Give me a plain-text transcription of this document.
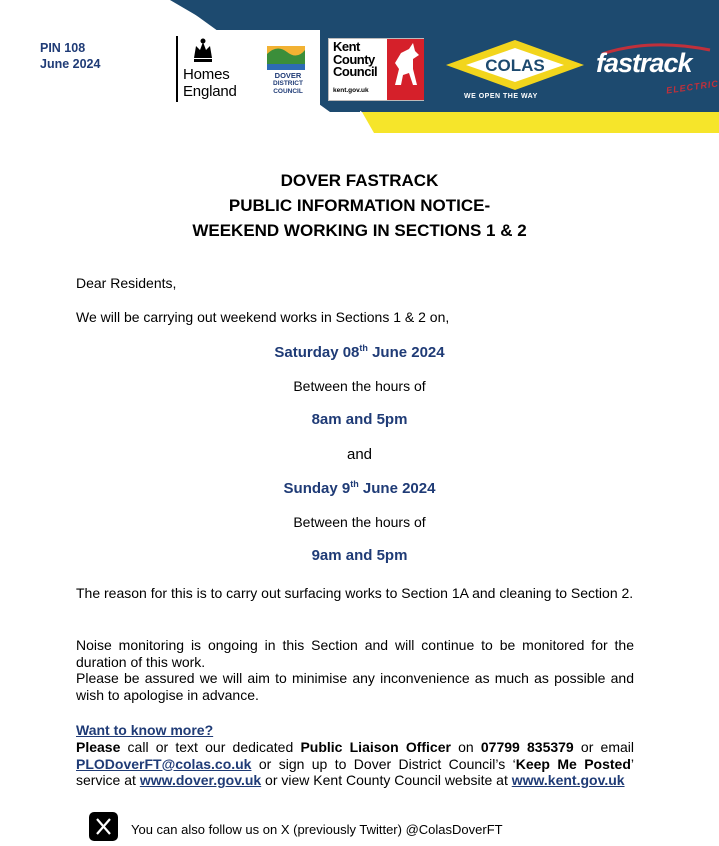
PIN 108
June 2024
Homes
England
DOVER
DISTRICT
COUNCIL
Kent
County
Council
kent.gov.uk
COLAS
WE OPEN THE WAY
fastrack
ELECTRIC
DOVER FASTRACK
PUBLIC INFORMATION NOTICE-
WEEKEND WORKING IN SECTIONS 1 & 2
Dear Residents,
We will be carrying out weekend works in Sections 1 & 2 on,
Saturday 08th June 2024
Between the hours of
8am and 5pm
and
Sunday 9th June 2024
Between the hours of
9am and 5pm
The reason for this is to carry out surfacing works to Section 1A and cleaning to Section 2.
Noise monitoring is ongoing in this Section and will continue to be monitored for the duration of this work.
Please be assured we will aim to minimise any inconvenience as much as possible and wish to apologise in advance.
Want to know more?
Please call or text our dedicated Public Liaison Officer on 07799 835379 or email PLODoverFT@colas.co.uk or sign up to Dover District Council’s ‘Keep Me Posted’ service at www.dover.gov.uk or view Kent County Council website at www.kent.gov.uk
You can also follow us on X (previously Twitter) @ColasDoverFT
